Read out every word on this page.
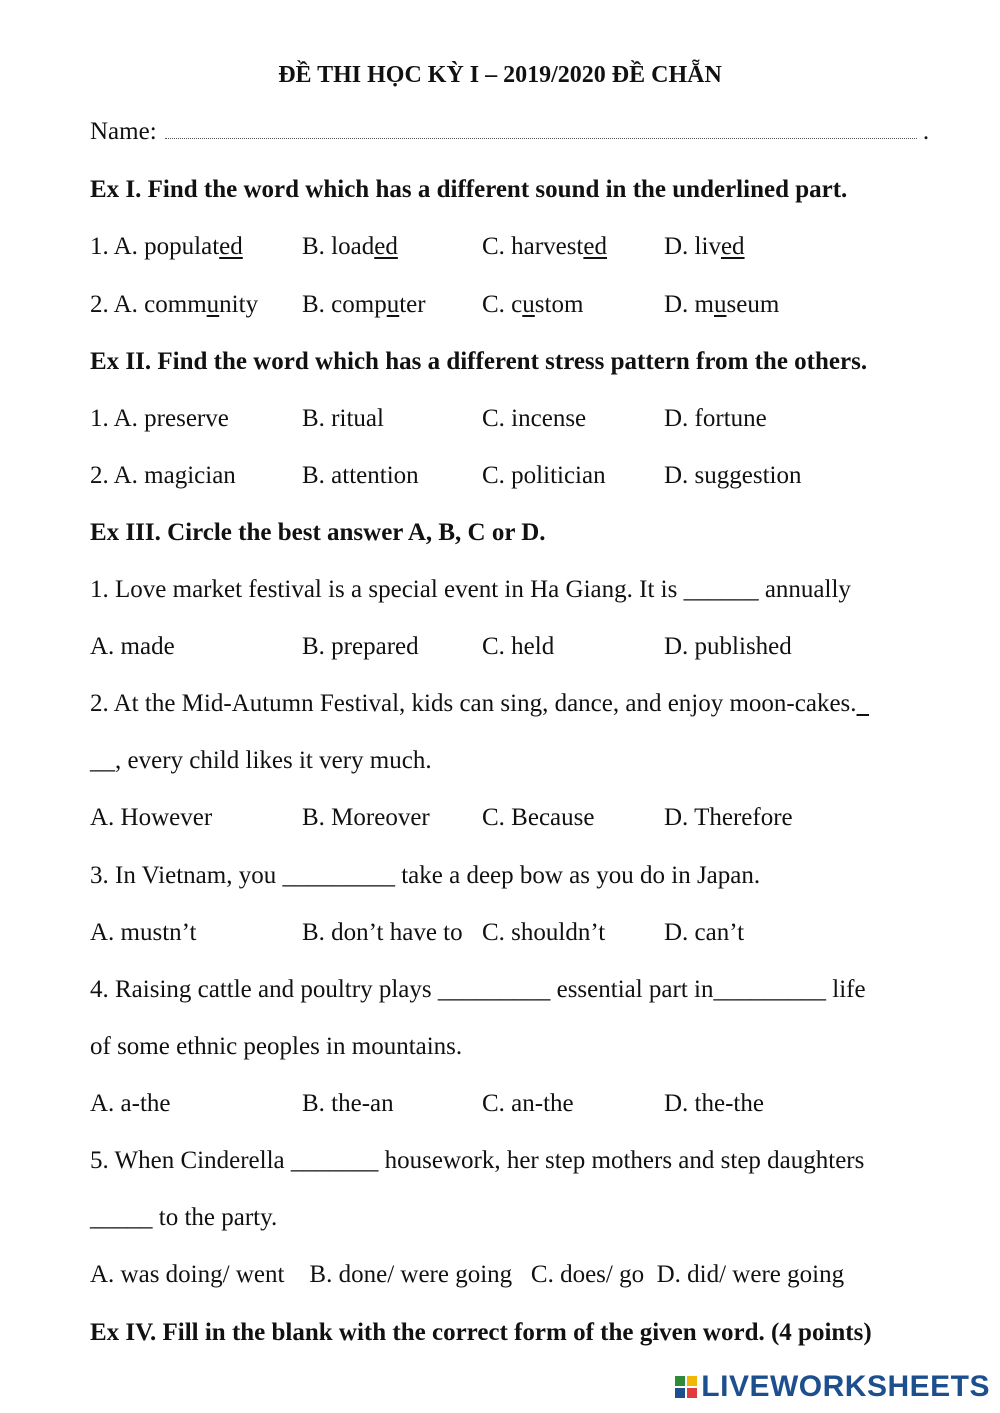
ĐỀ THI HỌC KỲ I – 2019/2020 ĐỀ CHẴN
Name:	.
Ex I. Find the word which has a different sound in the underlined part.
1. A. populated B. loaded	C. harvested D. lived
2. A. community B. computer C. custom	D. museum
Ex II. Find the word which has a different stress pattern from the others.
1. A. preserve	B. ritual	C. incense	D. fortune
2. A. magician	B. attention	C. politician D. suggestion
Ex III. Circle the best answer A, B, C or D.
1. Love market festival is a special event in Ha Giang. It is ______ annually
A. made	B. prepared	C. held	D. published
2. At the Mid-Autumn Festival, kids can sing, dance, and enjoy moon-cakes.
__, every child likes it very much.
A. However	B. Moreover C. Because	D. Therefore
3. In Vietnam, you _________ take a deep bow as you do in Japan.
A. mustn’t	B. don’t have to C. shouldn’t D. can’t
4. Raising cattle and poultry plays _________ essential part in_________ life
of some ethnic peoples in mountains.
A. a-the	B. the-an	C. an-the	D. the-the
5. When Cinderella _______ housework, her step mothers and step daughters
_____ to the party.
A. was doing/ went    B. done/ were going   C. does/ go  D. did/ were going
Ex IV. Fill in the blank with the correct form of the given word. (4 points)
LIVEWORKSHEETS
